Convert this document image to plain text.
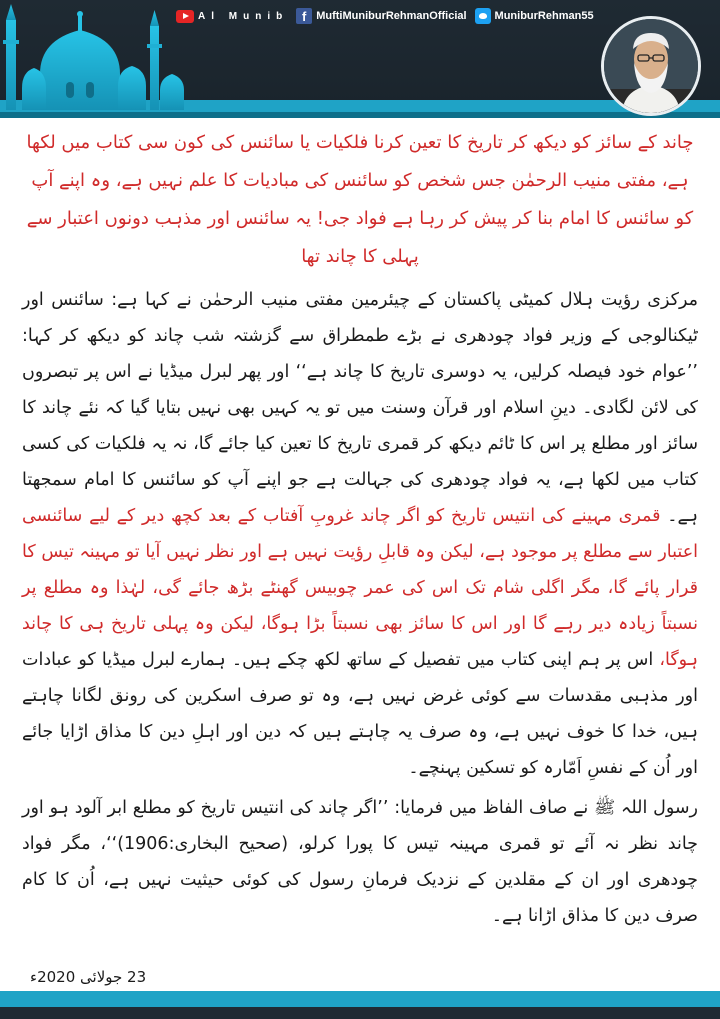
Al Munib	f MuftiMuniburRehmanOfficial	MuniburRehman55

چاند کے سائز کو دیکھ کر تاریخ کا تعین کرنا فلکیات یا سائنس کی کون سی کتاب میں لکھا ہے، مفتی منیب الرحمٰن جس شخص کو سائنس کی مبادیات کا علم نہیں ہے، وہ اپنے آپ کو سائنس کا امام بنا کر پیش کر رہا ہے فواد جی! یہ سائنس اور مذہب دونوں اعتبار سے پہلی کا چاند تھا

مرکزی رؤیت ہلال کمیٹی پاکستان کے چیئرمین مفتی منیب الرحمٰن نے کہا ہے: سائنس اور ٹیکنالوجی کے وزیر فواد چودھری نے بڑے طمطراق سے گزشتہ شب چاند کو دیکھ کر کہا: ’’عوام خود فیصلہ کرلیں، یہ دوسری تاریخ کا چاند ہے‘‘ اور پھر لبرل میڈیا نے اس پر تبصروں کی لائن لگادی۔ دینِ اسلام اور قرآن وسنت میں تو یہ کہیں بھی نہیں بتایا گیا کہ نئے چاند کا سائز اور مطلع پر اس کا ٹائم دیکھ کر قمری تاریخ کا تعین کیا جائے گا، نہ یہ فلکیات کی کسی کتاب میں لکھا ہے، یہ فواد چودھری کی جہالت ہے جو اپنے آپ کو سائنس کا امام سمجھتا ہے۔ قمری مہینے کی انتیس تاریخ کو اگر چاند غروبِ آفتاب کے بعد کچھ دیر کے لیے سائنسی اعتبار سے مطلع پر موجود ہے، لیکن وہ قابلِ رؤیت نہیں ہے اور نظر نہیں آیا تو مہینہ تیس کا قرار پائے گا، مگر اگلی شام تک اس کی عمر چوبیس گھنٹے بڑھ جائے گی، لہٰذا وہ مطلع پر نسبتاً زیادہ دیر رہے گا اور اس کا سائز بھی نسبتاً بڑا ہوگا، لیکن وہ پہلی تاریخ ہی کا چاند ہوگا، اس پر ہم اپنی کتاب میں تفصیل کے ساتھ لکھ چکے ہیں۔ ہمارے لبرل میڈیا کو عبادات اور مذہبی مقدسات سے کوئی غرض نہیں ہے، وہ تو صرف اسکرین کی رونق لگانا چاہتے ہیں، خدا کا خوف نہیں ہے، وہ صرف یہ چاہتے ہیں کہ دین اور اہلِ دین کا مذاق اڑایا جائے اور اُن کے نفسِ اَمّارہ کو تسکین پہنچے۔

رسول اللہ ﷺ نے صاف الفاظ میں فرمایا: ’’اگر چاند کی انتیس تاریخ کو مطلع ابر آلود ہو اور چاند نظر نہ آئے تو قمری مہینہ تیس کا پورا کرلو، (صحیح البخاری:1906)‘‘، مگر فواد چودھری اور ان کے مقلدین کے نزدیک فرمانِ رسول کی کوئی حیثیت نہیں ہے، اُن کا کام صرف دین کا مذاق اڑانا ہے۔

23 جولائی 2020ء
